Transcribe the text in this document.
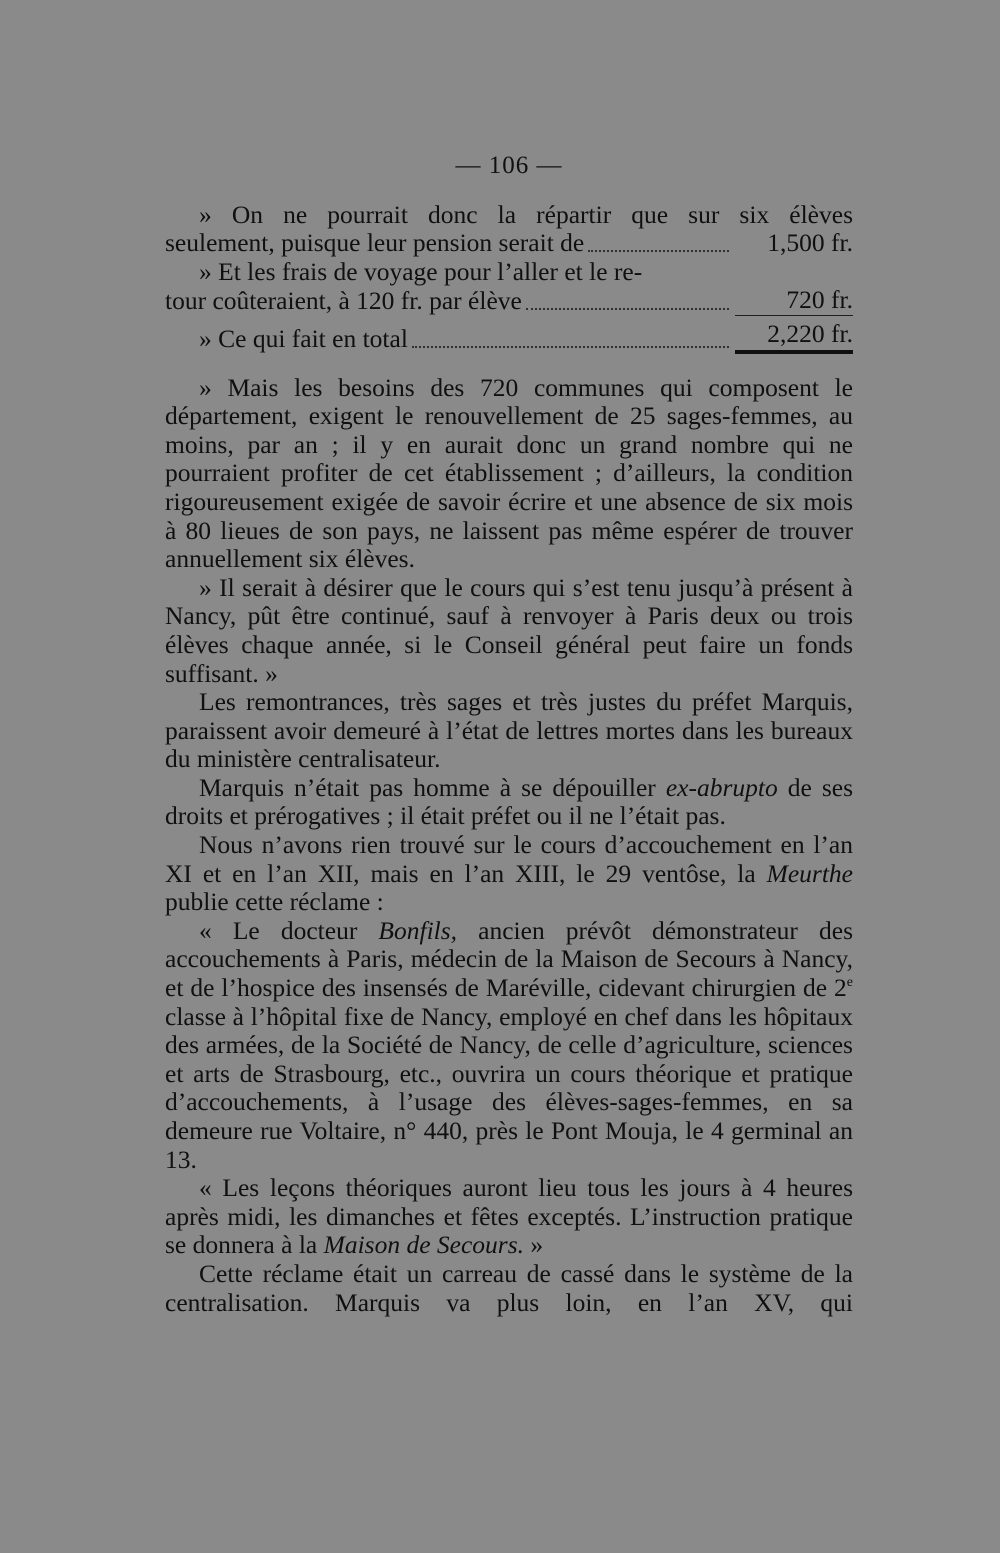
— 106 —

» On ne pourrait donc la répartir que sur six élèves

seulement, puisque leur pension serait de	1,500 fr.
» Et les frais de voyage pour l’aller et le re-
tour coûteraient, à 120 fr. par élève	720 fr.
» Ce qui fait en total	2,220 fr.

» Mais les besoins des 720 communes qui composent le département, exigent le renouvellement de 25 sages-femmes, au moins, par an ; il y en aurait donc un grand nombre qui ne pourraient profiter de cet établissement ; d’ailleurs, la condition rigoureusement exigée de savoir écrire et une absence de six mois à 80 lieues de son pays, ne laissent pas même espérer de trouver annuellement six élèves.

» Il serait à désirer que le cours qui s’est tenu jusqu’à présent à Nancy, pût être continué, sauf à renvoyer à Paris deux ou trois élèves chaque année, si le Conseil général peut faire un fonds suffisant. »

Les remontrances, très sages et très justes du préfet Marquis, paraissent avoir demeuré à l’état de lettres mortes dans les bureaux du ministère centralisateur.

Marquis n’était pas homme à se dépouiller ex-abrupto de ses droits et prérogatives ; il était préfet ou il ne l’était pas.

Nous n’avons rien trouvé sur le cours d’accouchement en l’an XI et en l’an XII, mais en l’an XIII, le 29 ventôse, la Meurthe publie cette réclame :

« Le docteur Bonfils, ancien prévôt démonstrateur des accouchements à Paris, médecin de la Maison de Secours à Nancy, et de l’hospice des insensés de Maréville, cidevant chirurgien de 2e classe à l’hôpital fixe de Nancy, employé en chef dans les hôpitaux des armées, de la Société de Nancy, de celle d’agriculture, sciences et arts de Strasbourg, etc., ouvrira un cours théorique et pratique d’accouchements, à l’usage des élèves-sages-femmes, en sa demeure rue Voltaire, n° 440, près le Pont Mouja, le 4 germinal an 13.

« Les leçons théoriques auront lieu tous les jours à 4 heures après midi, les dimanches et fêtes exceptés. L’instruction pratique se donnera à la Maison de Secours. »

Cette réclame était un carreau de cassé dans le système de la centralisation. Marquis va plus loin, en l’an XV, qui
